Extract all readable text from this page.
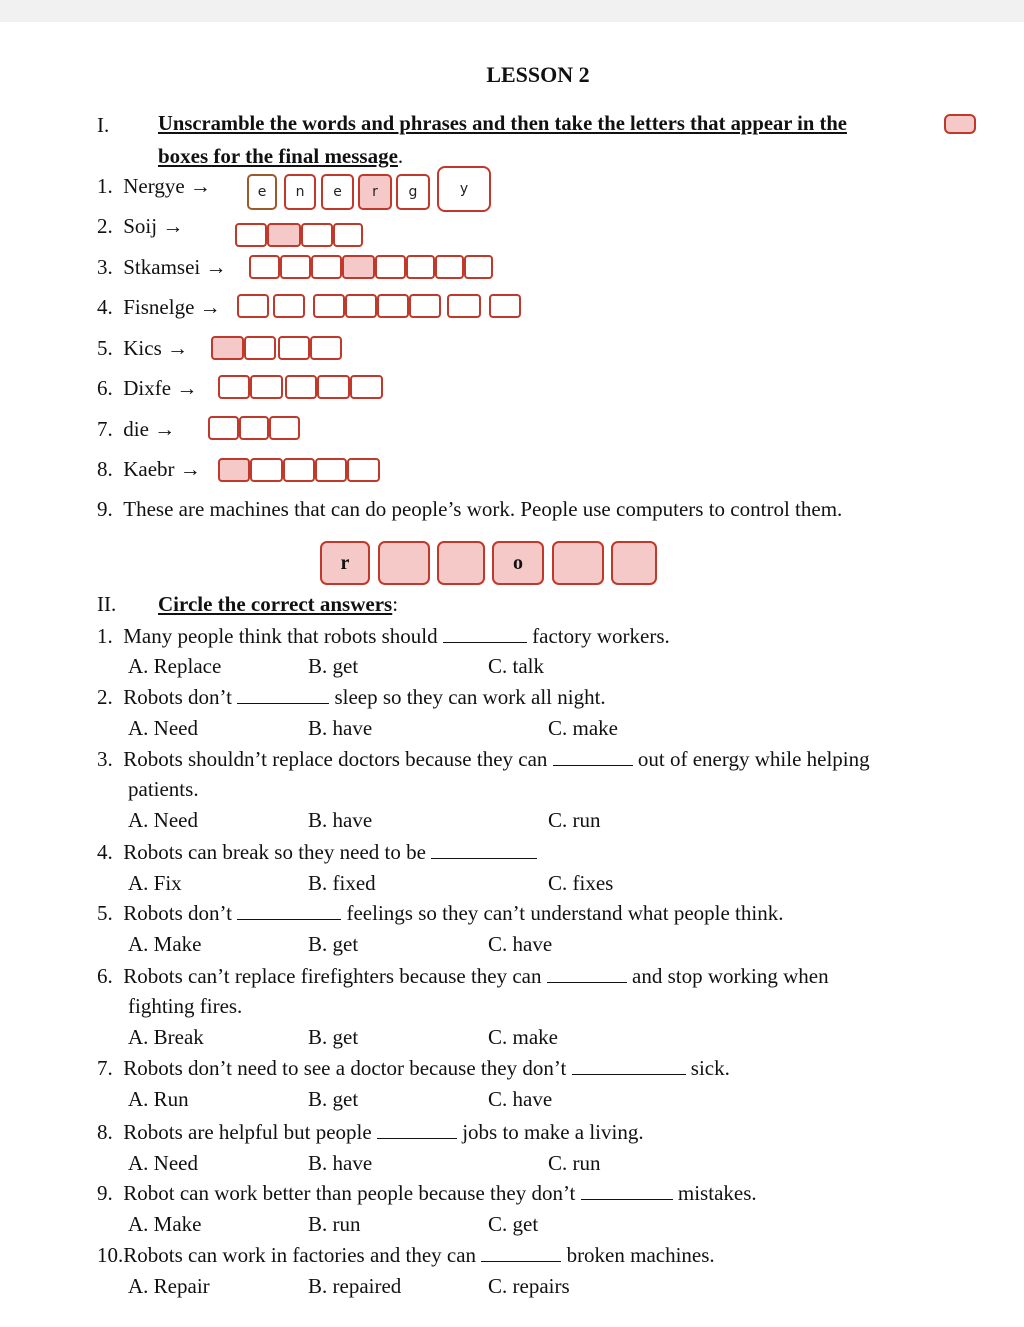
LESSON 2
I. Unscramble the words and phrases and then take the letters that appear in the
boxes for the final message.
1. Nergye →	e	n	e	r	g	y
2. Soij →
3. Stkamsei →
4. Fisnelge →
5. Kics →
6. Dixfe →
7. die →
8. Kaebr →
9. These are machines that can do people’s work. People use computers to control them.
r	o
II. Circle the correct answers:
1. Many people think that robots should	factory workers.
A. Replace	B. get	C. talk
2. Robots don’t	sleep so they can work all night.
A. Need	B. have	C. make
3. Robots shouldn’t replace doctors because they can	out of energy while helping
patients.
A. Need	B. have	C. run
4. Robots can break so they need to be
A. Fix	B. fixed	C. fixes
5. Robots don’t	feelings so they can’t understand what people think.
A. Make	B. get	C. have
6. Robots can’t replace firefighters because they can	and stop working when
fighting fires.
A. Break	B. get	C. make
7. Robots don’t need to see a doctor because they don’t	sick.
A. Run	B. get	C. have
8. Robots are helpful but people	jobs to make a living.
A. Need	B. have	C. run
9. Robot can work better than people because they don’t	mistakes.
A. Make	B. run	C. get
10.Robots can work in factories and they can	broken machines.
A. Repair	B. repaired	C. repairs
